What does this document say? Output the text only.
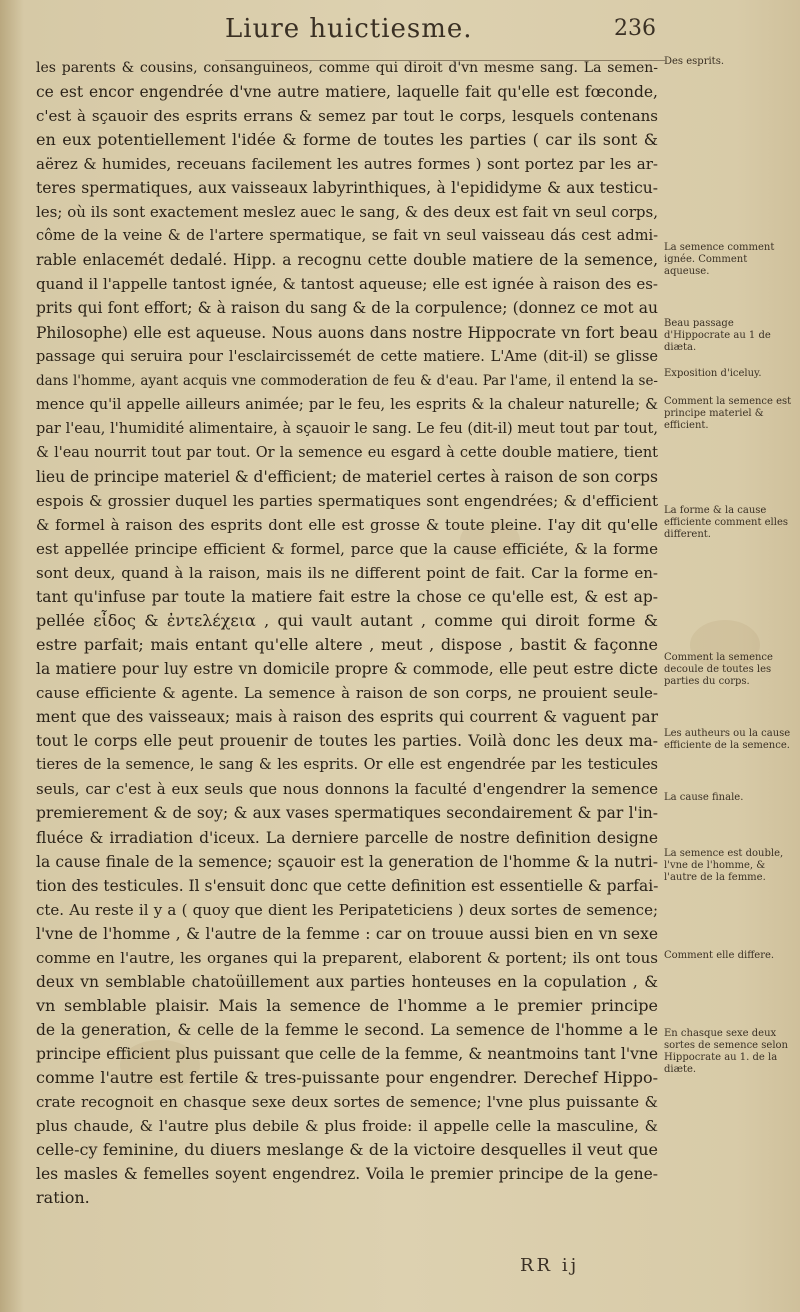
Liure huictiesme.	236
les parents & cousins, consanguineos, comme qui diroit d'vn mesme sang. La semen-
ce est encor engendrée d'vne autre matiere, laquelle fait qu'elle est fœconde,
c'est à sçauoir des esprits errans & semez par tout le corps, lesquels contenans
en eux potentiellement l'idée & forme de toutes les parties ( car ils sont &
aërez & humides, receuans facilement les autres formes ) sont portez par les ar-
teres spermatiques, aux vaisseaux labyrinthiques, à l'epididyme & aux testicu-
les; où ils sont exactement meslez auec le sang, & des deux est fait vn seul corps,
côme de la veine & de l'artere spermatique, se fait vn seul vaisseau dás cest admi-
rable enlacemét dedalé. Hipp. a recognu cette double matiere de la semence,
quand il l'appelle tantost ignée, & tantost aqueuse; elle est ignée à raison des es-
prits qui font effort; & à raison du sang & de la corpulence; (donnez ce mot au
Philosophe) elle est aqueuse. Nous auons dans nostre Hippocrate vn fort beau
passage qui seruira pour l'esclaircissemét de cette matiere. L'Ame (dit-il) se glisse
dans l'homme, ayant acquis vne commoderation de feu & d'eau. Par l'ame, il entend la se-
mence qu'il appelle ailleurs animée; par le feu, les esprits & la chaleur naturelle; &
par l'eau, l'humidité alimentaire, à sçauoir le sang. Le feu (dit-il) meut tout par tout,
& l'eau nourrit tout par tout. Or la semence eu esgard à cette double matiere, tient
lieu de principe materiel & d'efficient; de materiel certes à raison de son corps
espois & grossier duquel les parties spermatiques sont engendrées; & d'efficient
& formel à raison des esprits dont elle est grosse & toute pleine. I'ay dit qu'elle
est appellée principe efficient & formel, parce que la cause efficiéte, & la forme
sont deux, quand à la raison, mais ils ne different point de fait. Car la forme en-
tant qu'infuse par toute la matiere fait estre la chose ce qu'elle est, & est ap-
pellée εἶδος & ἐντελέχεια , qui vault autant , comme qui diroit forme &
estre parfait; mais entant qu'elle altere , meut , dispose , bastit & façonne
la matiere pour luy estre vn domicile propre & commode, elle peut estre dicte
cause efficiente & agente. La semence à raison de son corps, ne prouient seule-
ment que des vaisseaux; mais à raison des esprits qui courrent & vaguent par
tout le corps elle peut prouenir de toutes les parties. Voilà donc les deux ma-
tieres de la semence, le sang & les esprits. Or elle est engendrée par les testicules
seuls, car c'est à eux seuls que nous donnons la faculté d'engendrer la semence
premierement & de soy; & aux vases spermatiques secondairement & par l'in-
fluéce & irradiation d'iceux. La derniere parcelle de nostre definition designe
la cause finale de la semence; sçauoir est la generation de l'homme & la nutri-
tion des testicules. Il s'ensuit donc que cette definition est essentielle & parfai-
cte. Au reste il y a ( quoy que dient les Peripateticiens ) deux sortes de semence;
l'vne de l'homme , & l'autre de la femme : car on trouue aussi bien en vn sexe
comme en l'autre, les organes qui la preparent, elaborent & portent; ils ont tous
deux vn semblable chatoüillement aux parties honteuses en la copulation , &
vn semblable plaisir. Mais la semence de l'homme a le premier principe
de la generation, & celle de la femme le second. La semence de l'homme a le
principe efficient plus puissant que celle de la femme, & neantmoins tant l'vne
comme l'autre est fertile & tres-puissante pour engendrer. Derechef Hippo-
crate recognoit en chasque sexe deux sortes de semence; l'vne plus puissante &
plus chaude, & l'autre plus debile & plus froide: il appelle celle la masculine, &
celle-cy feminine, du diuers meslange & de la victoire desquelles il veut que
les masles & femelles soyent engendrez. Voila le premier principe de la gene-
ration.
Des esprits.
La semence comment ignée. Comment aqueuse.
Beau passage d'Hippocrate au 1 de diæta.
Exposition d'iceluy.
Comment la semence est principe materiel & efficient.
La forme & la cause efficiente comment elles different.
Comment la semence decoule de toutes les parties du corps.
Les autheurs ou la cause efficiente de la semence.
La cause finale.
La semence est double, l'vne de l'homme, & l'autre de la femme.
Comment elle differe.
En chasque sexe deux sortes de semence selon Hippocrate au 1. de la diæte.
RR ij
